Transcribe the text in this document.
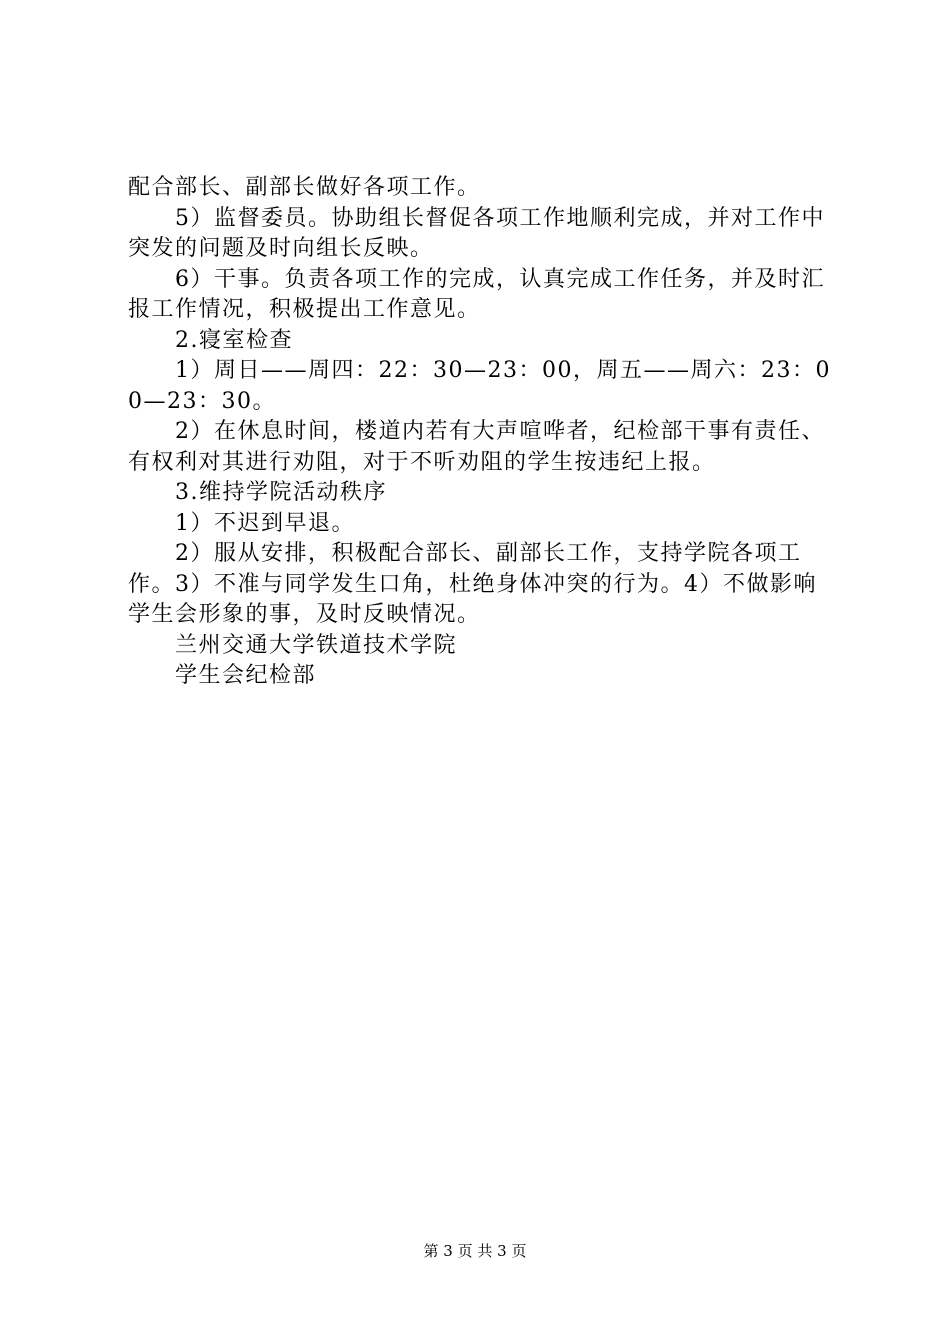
配合部长、副部长做好各项工作。

5）监督委员。协助组长督促各项工作地顺利完成，并对工作中突发的问题及时向组长反映。

6）干事。负责各项工作的完成，认真完成工作任务，并及时汇报工作情况，积极提出工作意见。

2.寝室检查

1）周日——周四：22：30—23：00，周五——周六：23：00—23：30。

2）在休息时间，楼道内若有大声喧哗者，纪检部干事有责任、有权利对其进行劝阻，对于不听劝阻的学生按违纪上报。

3.维持学院活动秩序

1）不迟到早退。

2）服从安排，积极配合部长、副部长工作，支持学院各项工作。3）不准与同学发生口角，杜绝身体冲突的行为。4）不做影响学生会形象的事，及时反映情况。

兰州交通大学铁道技术学院

学生会纪检部

第 3 页 共 3 页
